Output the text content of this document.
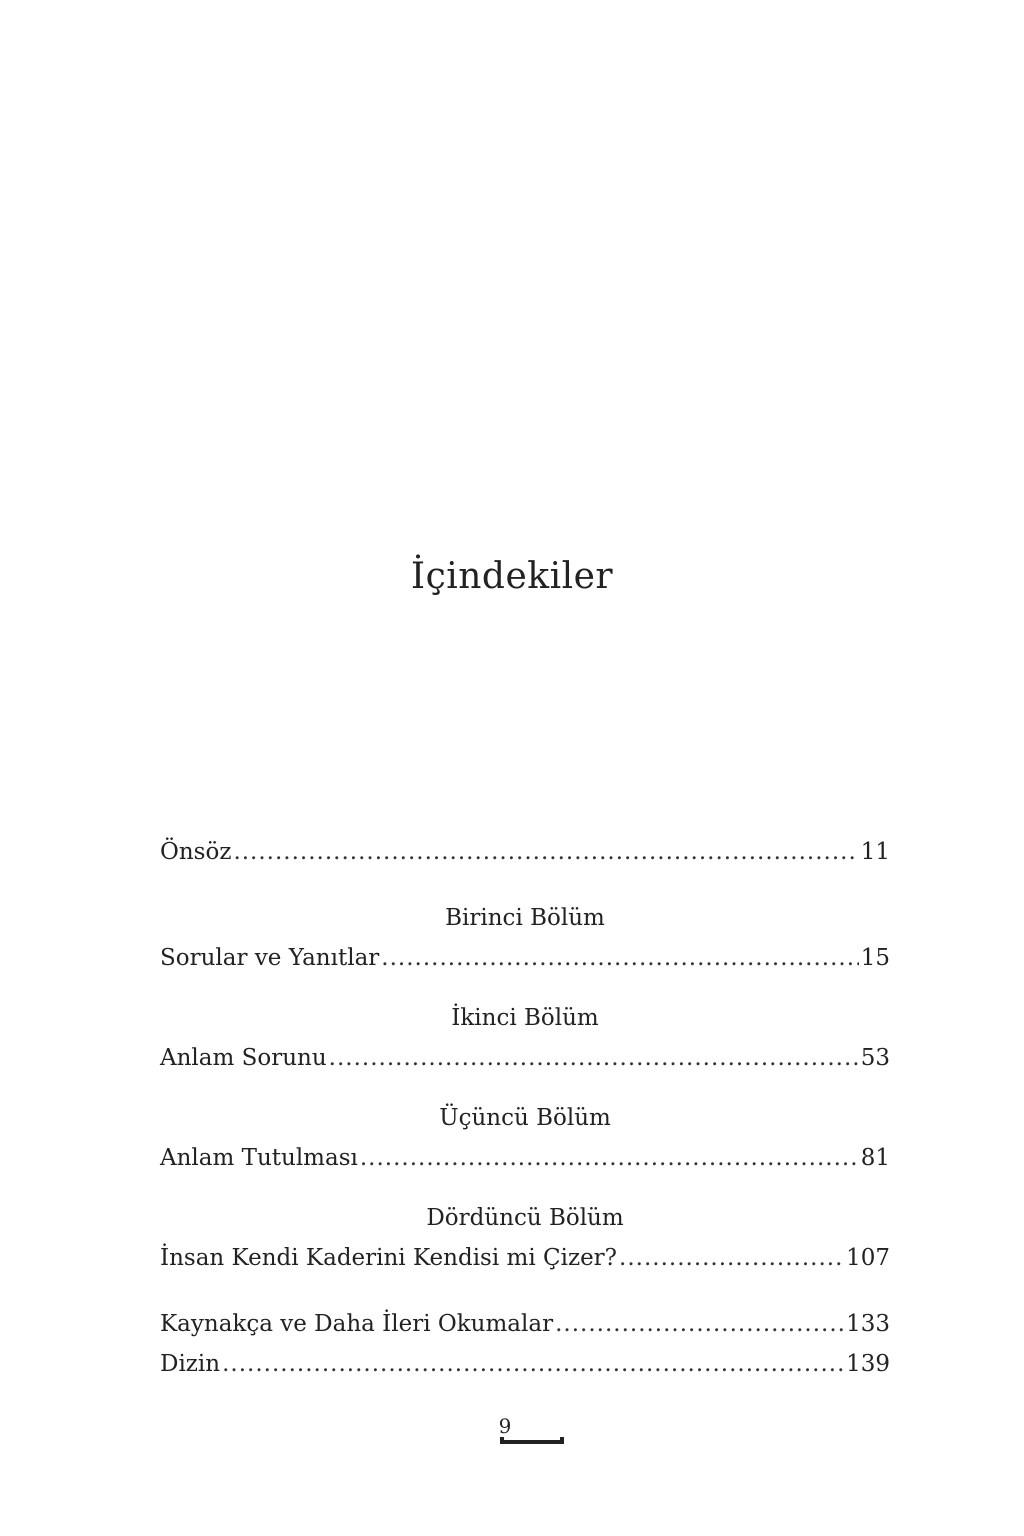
İçindekiler
Önsöz .....	11
Birinci Bölüm
Sorular ve Yanıtlar .....	15
İkinci Bölüm
Anlam Sorunu .....	53
Üçüncü Bölüm
Anlam Tutulması .....	81
Dördüncü Bölüm
İnsan Kendi Kaderini Kendisi mi Çizer? .....	107
Kaynakça ve Daha İleri Okumalar .....	133
Dizin .....	139
9
